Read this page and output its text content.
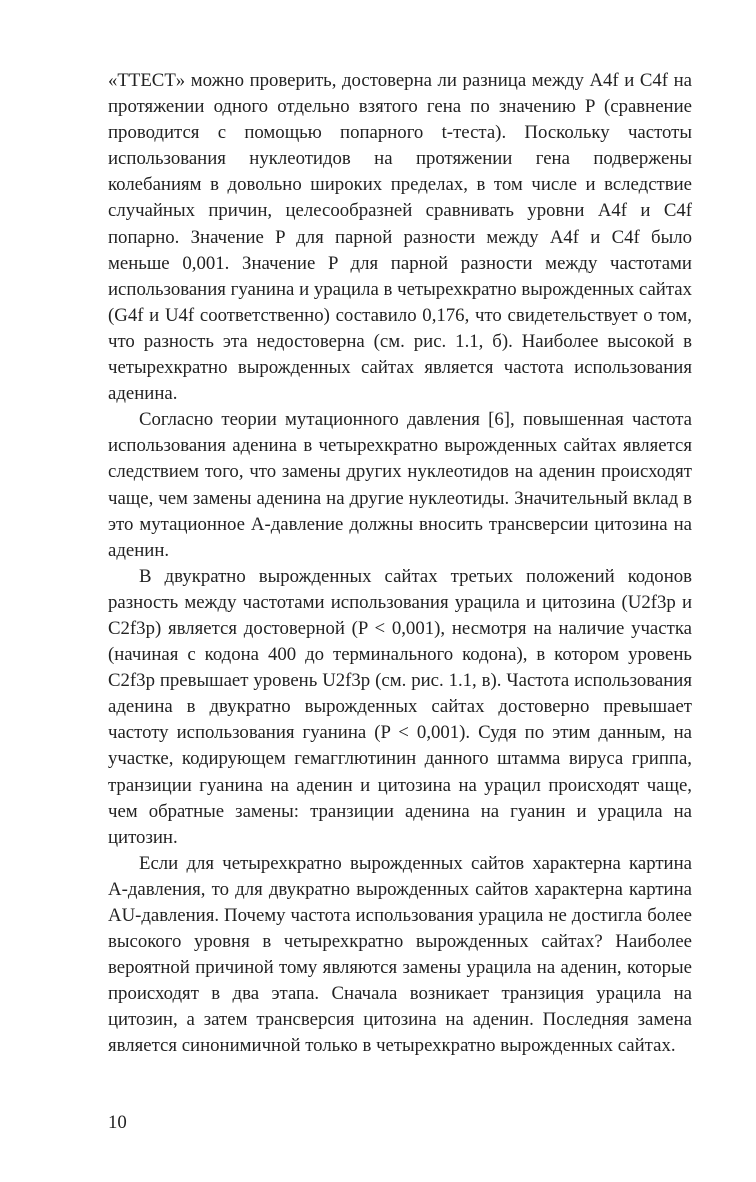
«TTECT» можно проверить, достоверна ли разница между A4f и C4f на протяжении одного отдельно взятого гена по значению P (сравнение проводится с помощью попарного t-теста). Поскольку частоты использования нуклеотидов на протяжении гена подвержены колебаниям в довольно широких пределах, в том числе и вследствие случайных причин, целесообразней сравнивать уровни A4f и C4f попарно. Значение P для парной разности между A4f и C4f было меньше 0,001. Значение P для парной разности между частотами использования гуанина и урацила в четырехкратно вырожденных сайтах (G4f и U4f соответственно) составило 0,176, что свидетельствует о том, что разность эта недостоверна (см. рис. 1.1, б). Наиболее высокой в четырехкратно вырожденных сайтах является частота использования аденина.

Согласно теории мутационного давления [6], повышенная частота использования аденина в четырехкратно вырожденных сайтах является следствием того, что замены других нуклеотидов на аденин происходят чаще, чем замены аденина на другие нуклеотиды. Значительный вклад в это мутационное A-давление должны вносить трансверсии цитозина на аденин.

В двукратно вырожденных сайтах третьих положений кодонов разность между частотами использования урацила и цитозина (U2f3p и C2f3p) является достоверной (P < 0,001), несмотря на наличие участка (начиная с кодона 400 до терминального кодона), в котором уровень C2f3p превышает уровень U2f3p (см. рис. 1.1, в). Частота использования аденина в двукратно вырожденных сайтах достоверно превышает частоту использования гуанина (P < 0,001). Судя по этим данным, на участке, кодирующем гемагглютинин данного штамма вируса гриппа, транзиции гуанина на аденин и цитозина на урацил происходят чаще, чем обратные замены: транзиции аденина на гуанин и урацила на цитозин.

Если для четырехкратно вырожденных сайтов характерна картина A-давления, то для двукратно вырожденных сайтов характерна картина AU-давления. Почему частота использования урацила не достигла более высокого уровня в четырехкратно вырожденных сайтах? Наиболее вероятной причиной тому являются замены урацила на аденин, которые происходят в два этапа. Сначала возникает транзиция урацила на цитозин, а затем трансверсия цитозина на аденин. Последняя замена является синонимичной только в четырехкратно вырожденных сайтах.

10
